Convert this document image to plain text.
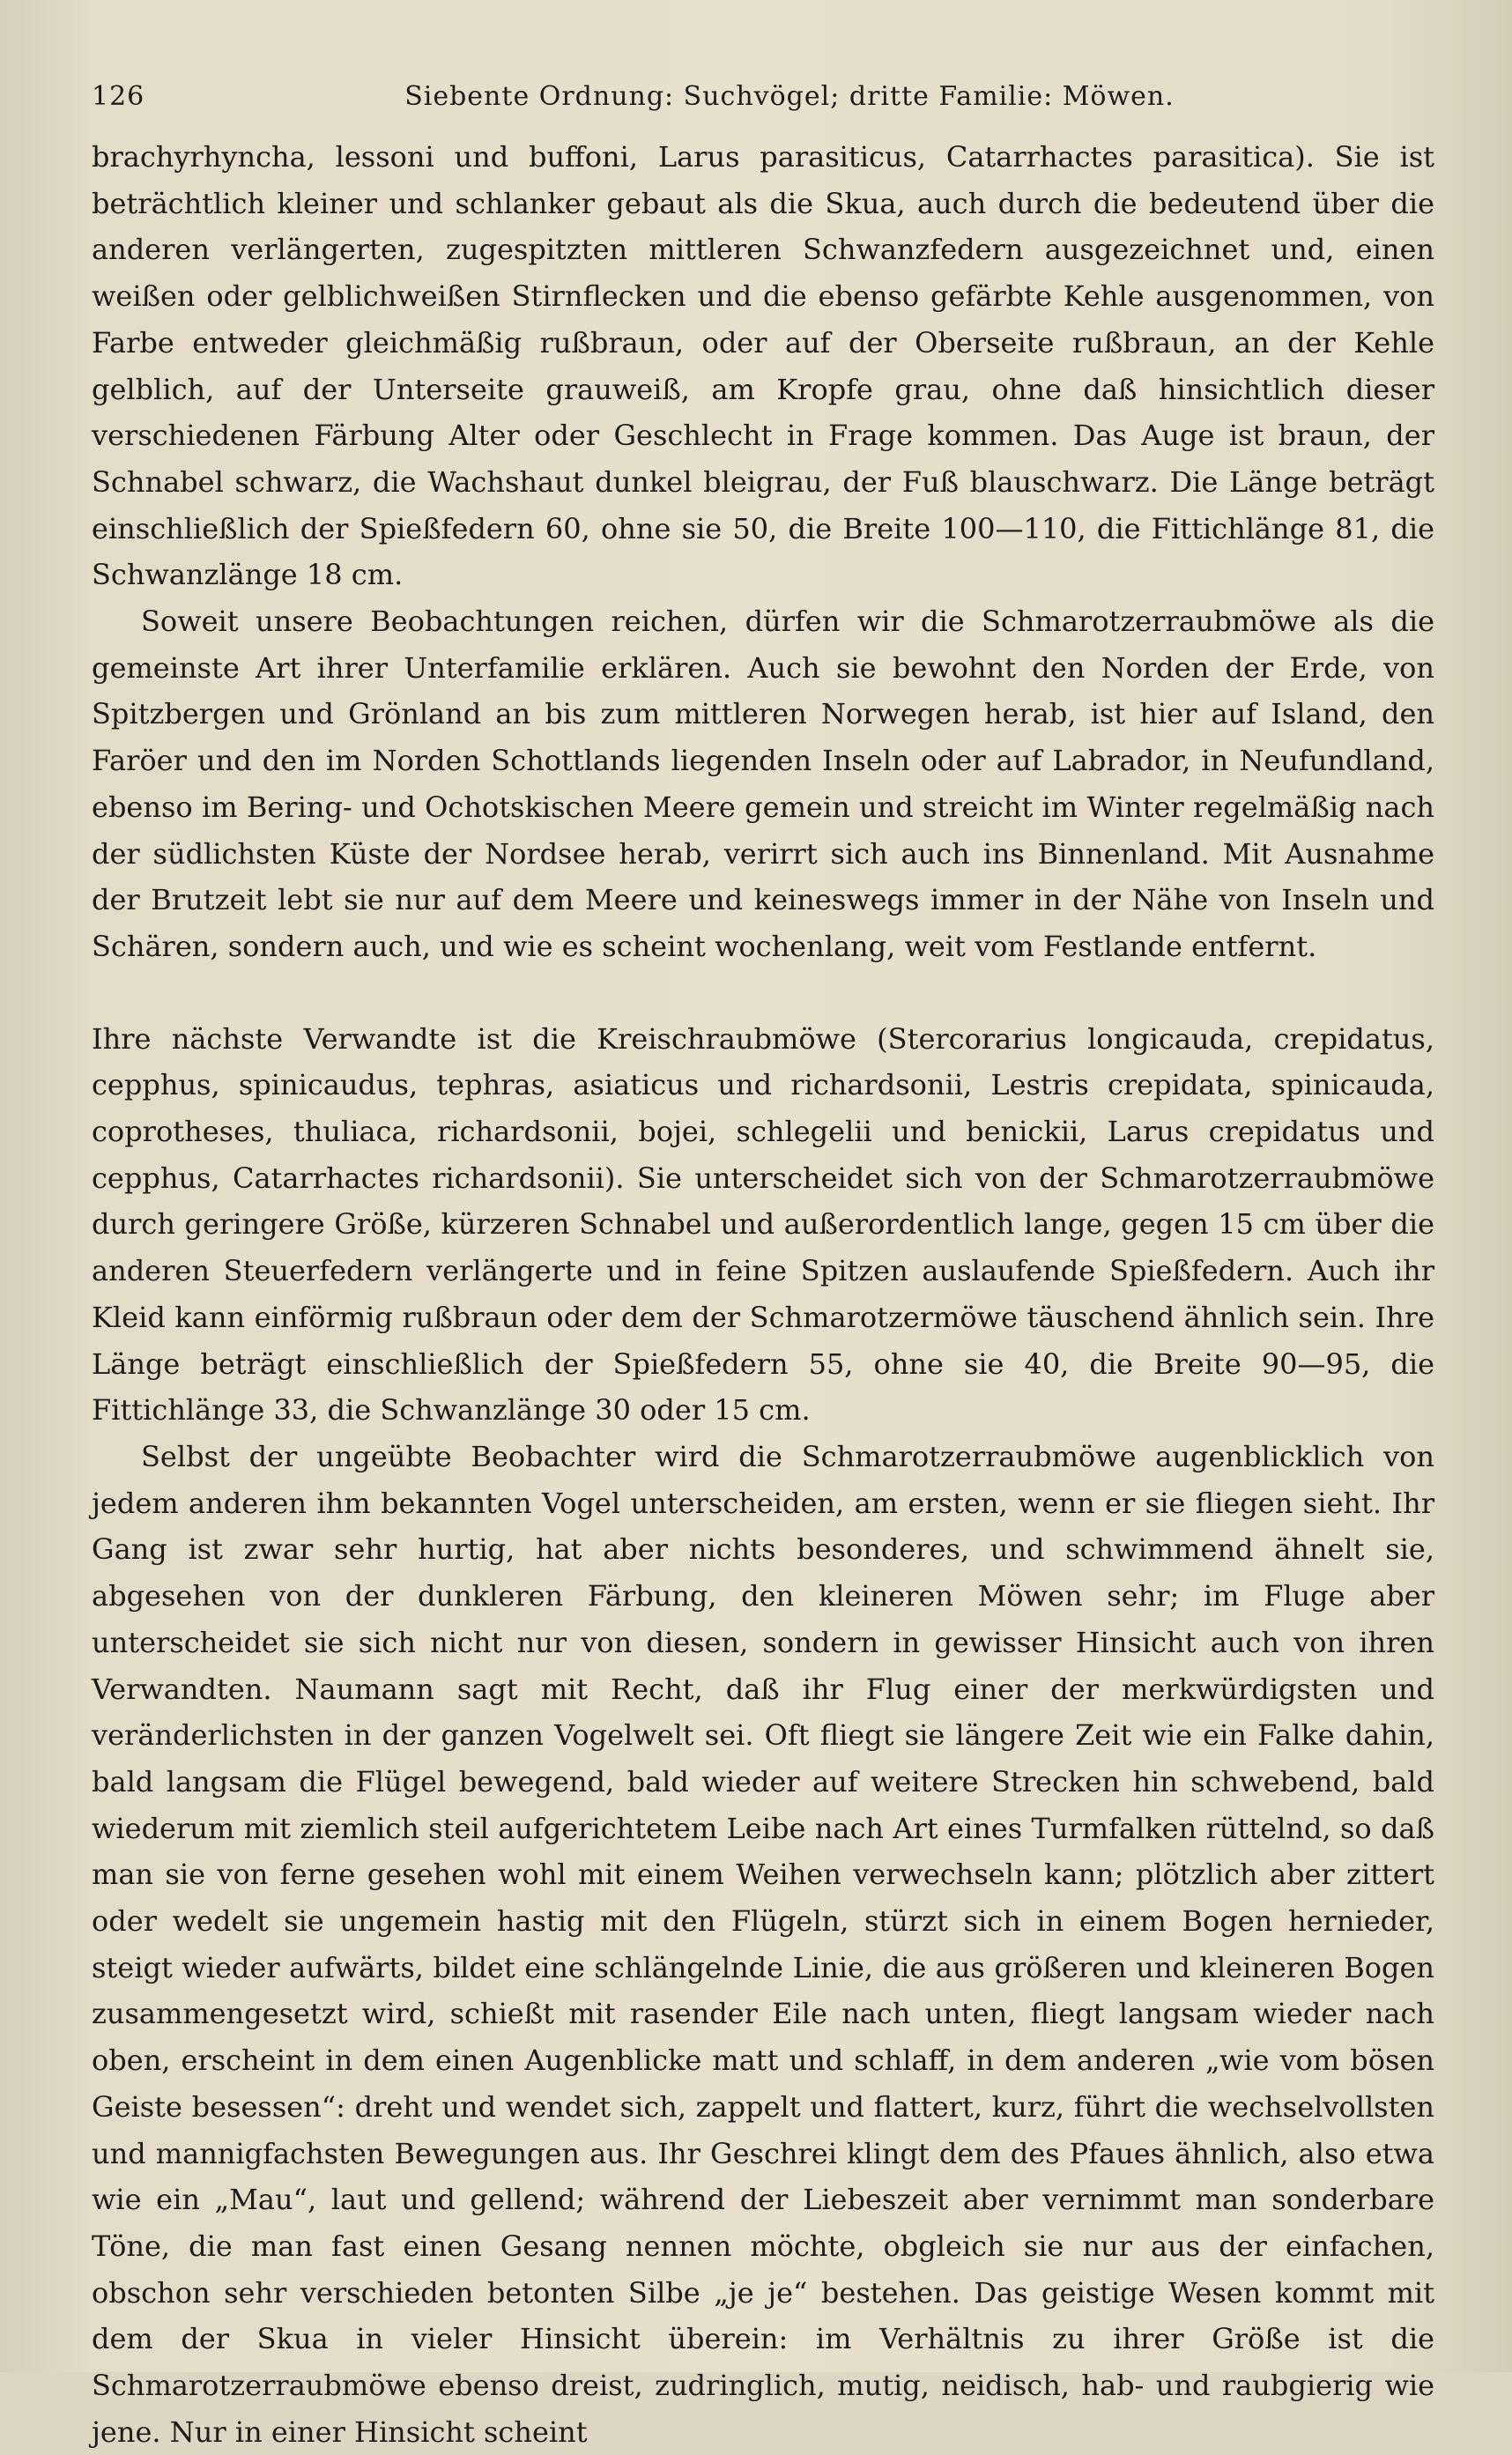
126	Siebente Ordnung: Suchvögel; dritte Familie: Möwen.

brachyrhyncha, lessoni und buffoni, Larus parasiticus, Catarrhactes parasitica). Sie ist beträchtlich kleiner und schlanker gebaut als die Skua, auch durch die bedeutend über die anderen verlängerten, zugespitzten mittleren Schwanzfedern ausgezeichnet und, einen weißen oder gelblichweißen Stirnflecken und die ebenso gefärbte Kehle ausgenommen, von Farbe entweder gleichmäßig rußbraun, oder auf der Oberseite rußbraun, an der Kehle gelblich, auf der Unterseite grauweiß, am Kropfe grau, ohne daß hinsichtlich dieser verschiedenen Färbung Alter oder Geschlecht in Frage kommen. Das Auge ist braun, der Schnabel schwarz, die Wachshaut dunkel bleigrau, der Fuß blauschwarz. Die Länge beträgt einschließlich der Spießfedern 60, ohne sie 50, die Breite 100—110, die Fittichlänge 81, die Schwanzlänge 18 cm.

Soweit unsere Beobachtungen reichen, dürfen wir die Schmarotzerraubmöwe als die gemeinste Art ihrer Unterfamilie erklären. Auch sie bewohnt den Norden der Erde, von Spitzbergen und Grönland an bis zum mittleren Norwegen herab, ist hier auf Island, den Faröer und den im Norden Schottlands liegenden Inseln oder auf Labrador, in Neufundland, ebenso im Bering- und Ochotskischen Meere gemein und streicht im Winter regelmäßig nach der südlichsten Küste der Nordsee herab, verirrt sich auch ins Binnenland. Mit Ausnahme der Brutzeit lebt sie nur auf dem Meere und keineswegs immer in der Nähe von Inseln und Schären, sondern auch, und wie es scheint wochenlang, weit vom Festlande entfernt.

Ihre nächste Verwandte ist die Kreischraubmöwe (Stercorarius longicauda, crepidatus, cepphus, spinicaudus, tephras, asiaticus und richardsonii, Lestris crepidata, spinicauda, coprotheses, thuliaca, richardsonii, bojei, schlegelii und benickii, Larus crepidatus und cepphus, Catarrhactes richardsonii). Sie unterscheidet sich von der Schmarotzerraubmöwe durch geringere Größe, kürzeren Schnabel und außerordentlich lange, gegen 15 cm über die anderen Steuerfedern verlängerte und in feine Spitzen auslaufende Spießfedern. Auch ihr Kleid kann einförmig rußbraun oder dem der Schmarotzermöwe täuschend ähnlich sein. Ihre Länge beträgt einschließlich der Spießfedern 55, ohne sie 40, die Breite 90—95, die Fittichlänge 33, die Schwanzlänge 30 oder 15 cm.

Selbst der ungeübte Beobachter wird die Schmarotzerraubmöwe augenblicklich von jedem anderen ihm bekannten Vogel unterscheiden, am ersten, wenn er sie fliegen sieht. Ihr Gang ist zwar sehr hurtig, hat aber nichts besonderes, und schwimmend ähnelt sie, abgesehen von der dunkleren Färbung, den kleineren Möwen sehr; im Fluge aber unterscheidet sie sich nicht nur von diesen, sondern in gewisser Hinsicht auch von ihren Verwandten. Naumann sagt mit Recht, daß ihr Flug einer der merkwürdigsten und veränderlichsten in der ganzen Vogelwelt sei. Oft fliegt sie längere Zeit wie ein Falke dahin, bald langsam die Flügel bewegend, bald wieder auf weitere Strecken hin schwebend, bald wiederum mit ziemlich steil aufgerichtetem Leibe nach Art eines Turmfalken rüttelnd, so daß man sie von ferne gesehen wohl mit einem Weihen verwechseln kann; plötzlich aber zittert oder wedelt sie ungemein hastig mit den Flügeln, stürzt sich in einem Bogen hernieder, steigt wieder aufwärts, bildet eine schlängelnde Linie, die aus größeren und kleineren Bogen zusammengesetzt wird, schießt mit rasender Eile nach unten, fliegt langsam wieder nach oben, erscheint in dem einen Augenblicke matt und schlaff, in dem anderen „wie vom bösen Geiste besessen“: dreht und wendet sich, zappelt und flattert, kurz, führt die wechselvollsten und mannigfachsten Bewegungen aus. Ihr Geschrei klingt dem des Pfaues ähnlich, also etwa wie ein „Mau“, laut und gellend; während der Liebeszeit aber vernimmt man sonderbare Töne, die man fast einen Gesang nennen möchte, obgleich sie nur aus der einfachen, obschon sehr verschieden betonten Silbe „je je“ bestehen. Das geistige Wesen kommt mit dem der Skua in vieler Hinsicht überein: im Verhältnis zu ihrer Größe ist die Schmarotzerraubmöwe ebenso dreist, zudringlich, mutig, neidisch, hab- und raubgierig wie jene. Nur in einer Hinsicht scheint
